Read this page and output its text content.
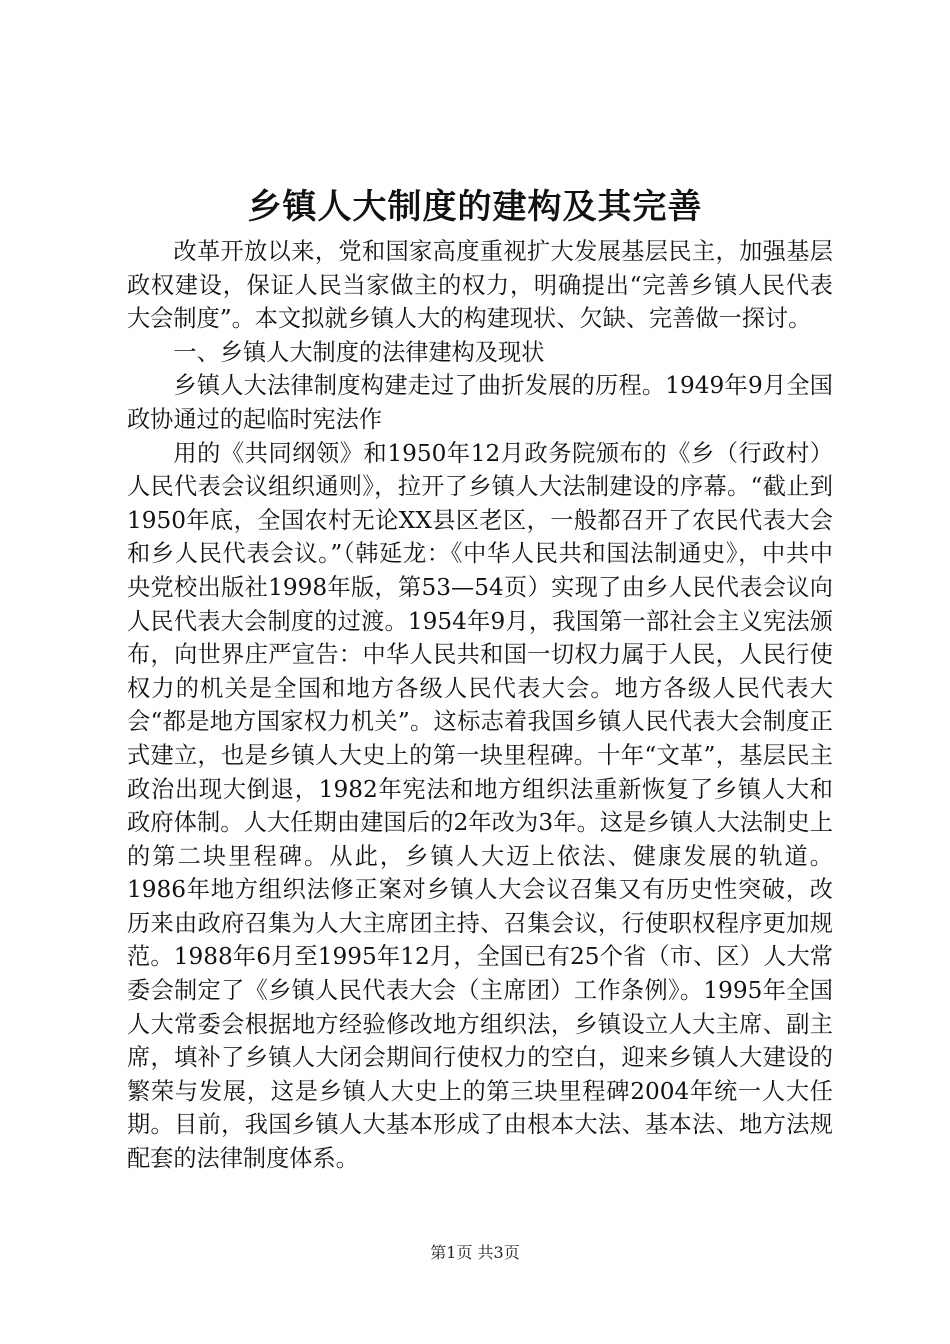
乡镇人大制度的建构及其完善

改革开放以来，党和国家高度重视扩大发展基层民主，加强基层政权建设，保证人民当家做主的权力，明确提出“完善乡镇人民代表大会制度”。本文拟就乡镇人大的构建现状、欠缺、完善做一探讨。

一、乡镇人大制度的法律建构及现状

乡镇人大法律制度构建走过了曲折发展的历程。1949年9月全国政协通过的起临时宪法作

用的《共同纲领》和1950年12月政务院颁布的《乡（行政村）人民代表会议组织通则》，拉开了乡镇人大法制建设的序幕。“截止到1950年底，全国农村无论XX县区老区，一般都召开了农民代表大会和乡人民代表会议。”（韩延龙：《中华人民共和国法制通史》，中共中央党校出版社1998年版，第53—54页）实现了由乡人民代表会议向人民代表大会制度的过渡。1954年9月，我国第一部社会主义宪法颁布，向世界庄严宣告：中华人民共和国一切权力属于人民，人民行使权力的机关是全国和地方各级人民代表大会。地方各级人民代表大会“都是地方国家权力机关”。这标志着我国乡镇人民代表大会制度正式建立，也是乡镇人大史上的第一块里程碑。十年“文革”，基层民主政治出现大倒退，1982年宪法和地方组织法重新恢复了乡镇人大和政府体制。人大任期由建国后的2年改为3年。这是乡镇人大法制史上的第二块里程碑。从此，乡镇人大迈上依法、健康发展的轨道。1986年地方组织法修正案对乡镇人大会议召集又有历史性突破，改历来由政府召集为人大主席团主持、召集会议，行使职权程序更加规范。1988年6月至1995年12月，全国已有25个省（市、区）人大常委会制定了《乡镇人民代表大会（主席团）工作条例》。1995年全国人大常委会根据地方经验修改地方组织法，乡镇设立人大主席、副主席，填补了乡镇人大闭会期间行使权力的空白，迎来乡镇人大建设的繁荣与发展，这是乡镇人大史上的第三块里程碑2004年统一人大任期。目前，我国乡镇人大基本形成了由根本大法、基本法、地方法规配套的法律制度体系。

第1页 共3页
